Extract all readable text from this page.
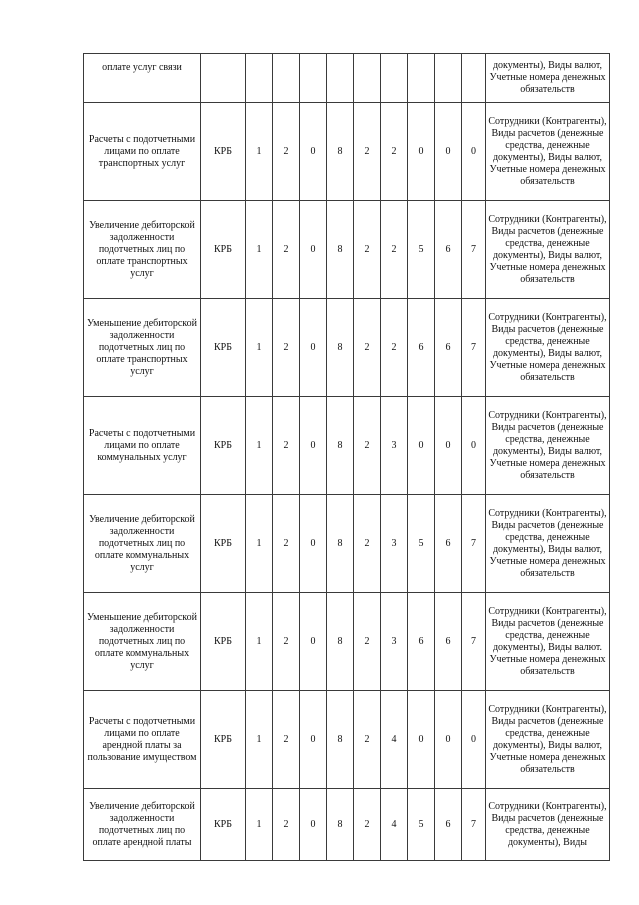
оплате услуг связи											документы), Виды валют, Учетные номера денежных обязательств
Расчеты с подотчетными лицами по оплате транспортных услуг	КРБ	1	2	0	8	2	2	0	0	0	Сотрудники (Контрагенты), Виды расчетов (денежные средства, денежные документы), Виды валют, Учетные номера денежных обязательств
Увеличение дебиторской задолженности подотчетных лиц по оплате транспортных услуг	КРБ	1	2	0	8	2	2	5	6	7	Сотрудники (Контрагенты), Виды расчетов (денежные средства, денежные документы), Виды валют, Учетные номера денежных обязательств
Уменьшение дебиторской задолженности подотчетных лиц по оплате транспортных услуг	КРБ	1	2	0	8	2	2	6	6	7	Сотрудники (Контрагенты), Виды расчетов (денежные средства, денежные документы), Виды валют, Учетные номера денежных обязательств
Расчеты с подотчетными лицами по оплате коммунальных услуг	КРБ	1	2	0	8	2	3	0	0	0	Сотрудники (Контрагенты), Виды расчетов (денежные средства, денежные документы), Виды валют, Учетные номера денежных обязательств
Увеличение дебиторской задолженности подотчетных лиц по оплате коммунальных услуг	КРБ	1	2	0	8	2	3	5	6	7	Сотрудники (Контрагенты), Виды расчетов (денежные средства, денежные документы), Виды валют, Учетные номера денежных обязательств
Уменьшение дебиторской задолженности подотчетных лиц по оплате коммунальных услуг	КРБ	1	2	0	8	2	3	6	6	7	Сотрудники (Контрагенты), Виды расчетов (денежные средства, денежные документы), Виды валют. Учетные номера денежных обязательств
Расчеты с подотчетными лицами по оплате арендной платы за пользование имуществом	КРБ	1	2	0	8	2	4	0	0	0	Сотрудники (Контрагенты), Виды расчетов (денежные средства, денежные документы), Виды валют, Учетные номера денежных обязательств
Увеличение дебиторской задолженности подотчетных лиц по оплате арендной платы	КРБ	1	2	0	8	2	4	5	6	7	Сотрудники (Контрагенты), Виды расчетов (денежные средства, денежные документы), Виды
